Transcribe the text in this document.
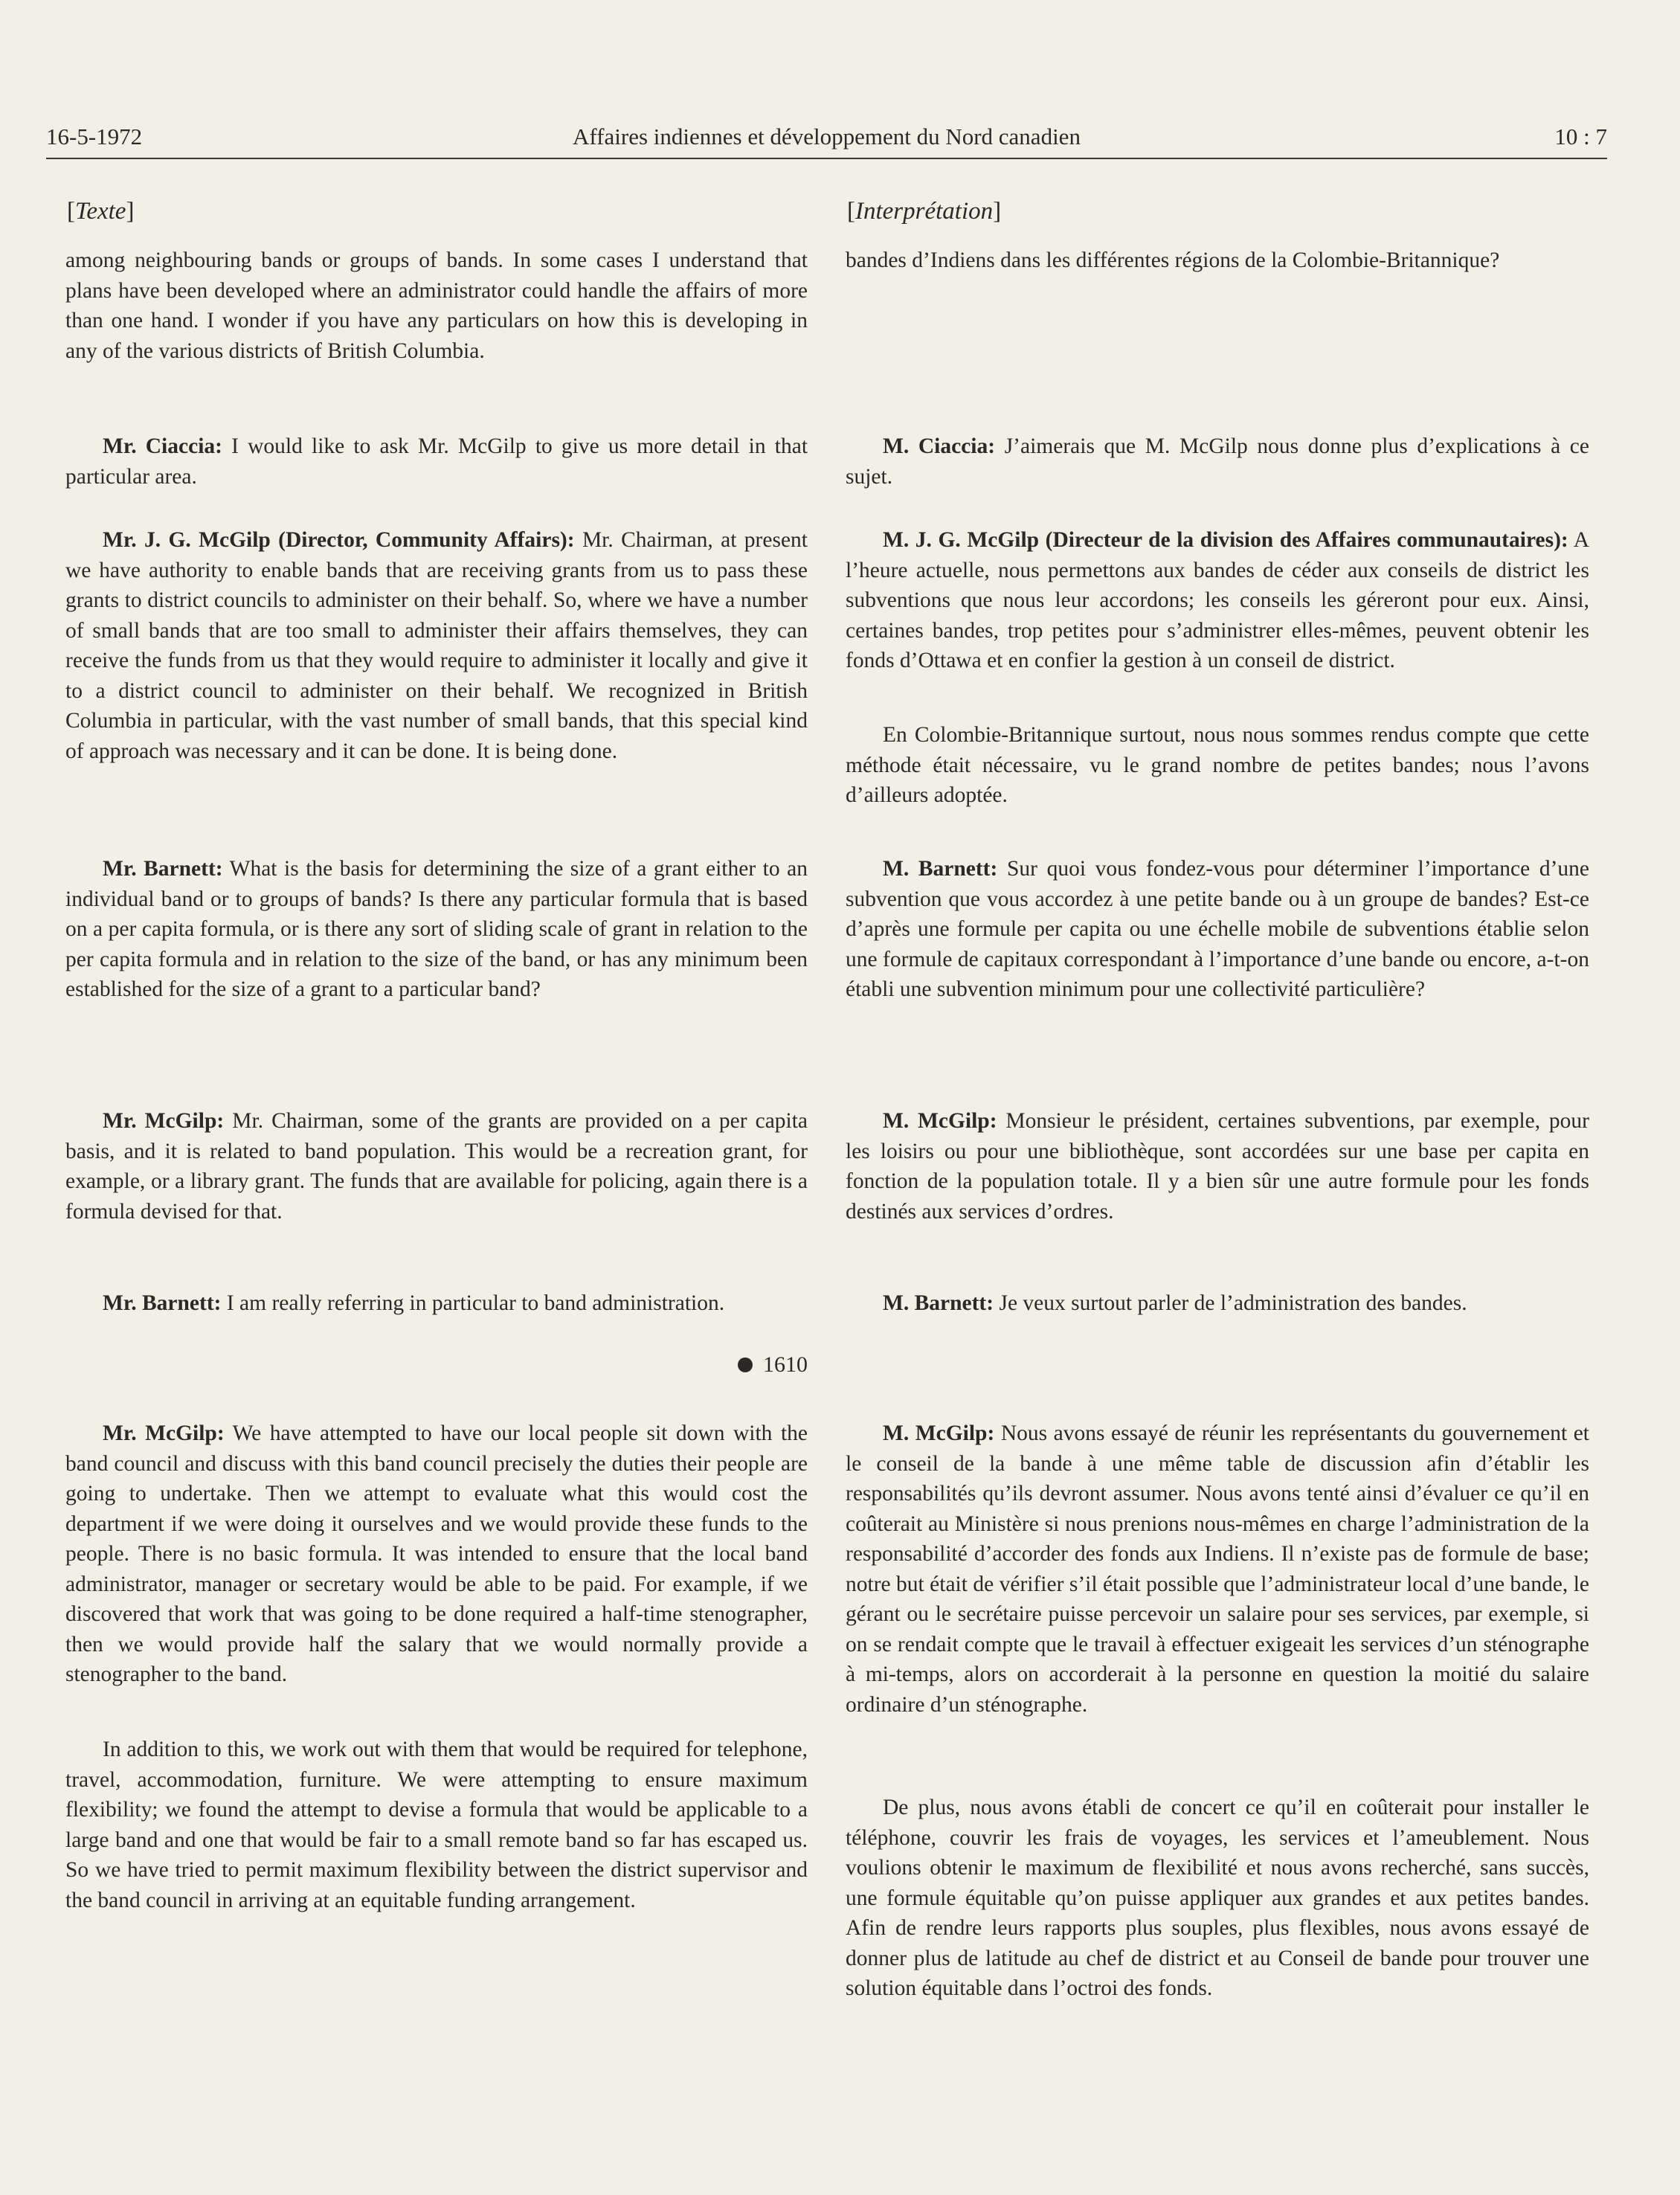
16-5-1972	Affaires indiennes et développement du Nord canadien	10 : 7
[Texte]

among neighbouring bands or groups of bands. In some cases I understand that plans have been developed where an administrator could handle the affairs of more than one hand. I wonder if you have any particulars on how this is developing in any of the various districts of British Columbia.

Mr. Ciaccia: I would like to ask Mr. McGilp to give us more detail in that particular area.

Mr. J. G. McGilp (Director, Community Affairs): Mr. Chairman, at present we have authority to enable bands that are receiving grants from us to pass these grants to district councils to administer on their behalf. So, where we have a number of small bands that are too small to administer their affairs themselves, they can receive the funds from us that they would require to administer it locally and give it to a district council to administer on their behalf. We recognized in British Columbia in particular, with the vast number of small bands, that this special kind of approach was necessary and it can be done. It is being done.

Mr. Barnett: What is the basis for determining the size of a grant either to an individual band or to groups of bands? Is there any particular formula that is based on a per capita formula, or is there any sort of sliding scale of grant in relation to the per capita formula and in relation to the size of the band, or has any minimum been established for the size of a grant to a particular band?

Mr. McGilp: Mr. Chairman, some of the grants are provided on a per capita basis, and it is related to band population. This would be a recreation grant, for example, or a library grant. The funds that are available for policing, again there is a formula devised for that.

Mr. Barnett: I am really referring in particular to band administration.

1610

Mr. McGilp: We have attempted to have our local people sit down with the band council and discuss with this band council precisely the duties their people are going to undertake. Then we attempt to evaluate what this would cost the department if we were doing it ourselves and we would provide these funds to the people. There is no basic formula. It was intended to ensure that the local band administrator, manager or secretary would be able to be paid. For example, if we discovered that work that was going to be done required a half-time stenographer, then we would provide half the salary that we would normally provide a stenographer to the band.

In addition to this, we work out with them that would be required for telephone, travel, accommodation, furniture. We were attempting to ensure maximum flexibility; we found the attempt to devise a formula that would be applicable to a large band and one that would be fair to a small remote band so far has escaped us. So we have tried to permit maximum flexibility between the district supervisor and the band council in arriving at an equitable funding arrangement.

[Interprétation]

bandes d’Indiens dans les différentes régions de la Colombie-Britannique?

M. Ciaccia: J’aimerais que M. McGilp nous donne plus d’explications à ce sujet.

M. J. G. McGilp (Directeur de la division des Affaires communautaires): A l’heure actuelle, nous permettons aux bandes de céder aux conseils de district les subventions que nous leur accordons; les conseils les géreront pour eux. Ainsi, certaines bandes, trop petites pour s’administrer elles-mêmes, peuvent obtenir les fonds d’Ottawa et en confier la gestion à un conseil de district.

En Colombie-Britannique surtout, nous nous sommes rendus compte que cette méthode était nécessaire, vu le grand nombre de petites bandes; nous l’avons d’ailleurs adoptée.

M. Barnett: Sur quoi vous fondez-vous pour déterminer l’importance d’une subvention que vous accordez à une petite bande ou à un groupe de bandes? Est-ce d’après une formule per capita ou une échelle mobile de subventions établie selon une formule de capitaux correspondant à l’importance d’une bande ou encore, a-t-on établi une subvention minimum pour une collectivité particulière?

M. McGilp: Monsieur le président, certaines subventions, par exemple, pour les loisirs ou pour une bibliothèque, sont accordées sur une base per capita en fonction de la population totale. Il y a bien sûr une autre formule pour les fonds destinés aux services d’ordres.

M. Barnett: Je veux surtout parler de l’administration des bandes.

M. McGilp: Nous avons essayé de réunir les représentants du gouvernement et le conseil de la bande à une même table de discussion afin d’établir les responsabilités qu’ils devront assumer. Nous avons tenté ainsi d’évaluer ce qu’il en coûterait au Ministère si nous prenions nous-mêmes en charge l’administration de la responsabilité d’accorder des fonds aux Indiens. Il n’existe pas de formule de base; notre but était de vérifier s’il était possible que l’administrateur local d’une bande, le gérant ou le secrétaire puisse percevoir un salaire pour ses services, par exemple, si on se rendait compte que le travail à effectuer exigeait les services d’un sténographe à mi-temps, alors on accorderait à la personne en question la moitié du salaire ordinaire d’un sténographe.

De plus, nous avons établi de concert ce qu’il en coûterait pour installer le téléphone, couvrir les frais de voyages, les services et l’ameublement. Nous voulions obtenir le maximum de flexibilité et nous avons recherché, sans succès, une formule équitable qu’on puisse appliquer aux grandes et aux petites bandes. Afin de rendre leurs rapports plus souples, plus flexibles, nous avons essayé de donner plus de latitude au chef de district et au Conseil de bande pour trouver une solution équitable dans l’octroi des fonds.
